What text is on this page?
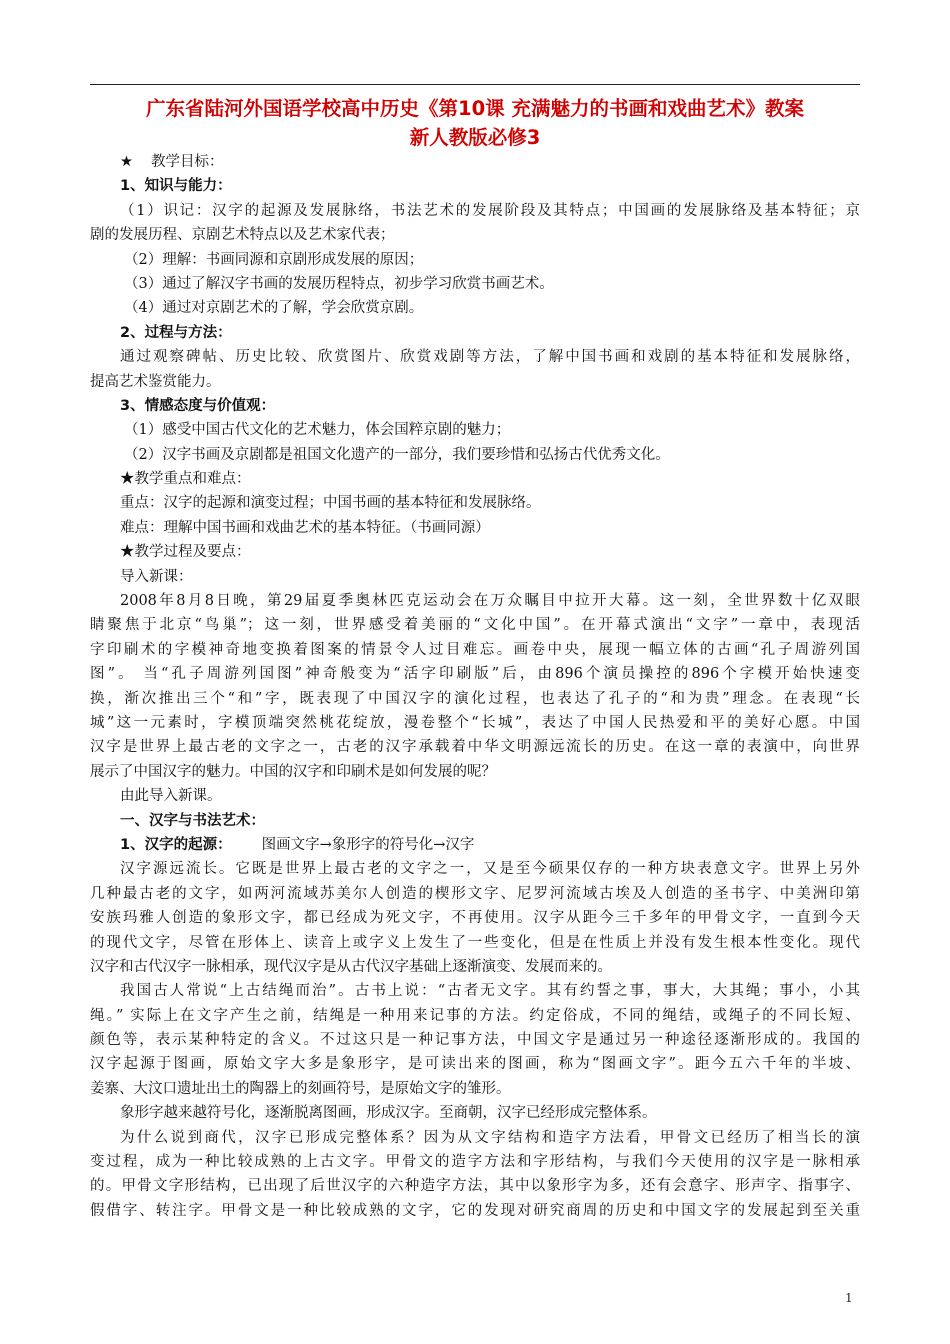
广东省陆河外国语学校高中历史《第10课 充满魅力的书画和戏曲艺术》教案
新人教版必修3

★ 教学目标：

1、知识与能力：

（1）识记：汉字的起源及发展脉络，书法艺术的发展阶段及其特点；中国画的发展脉络及基本特征；京

剧的发展历程、京剧艺术特点以及艺术家代表；

（2）理解：书画同源和京剧形成发展的原因；

（3）通过了解汉字书画的发展历程特点，初步学习欣赏书画艺术。

（4）通过对京剧艺术的了解，学会欣赏京剧。

2、过程与方法：

通过观察碑帖、历史比较、欣赏图片、欣赏戏剧等方法，了解中国书画和戏剧的基本特征和发展脉络，

提高艺术鉴赏能力。

3、情感态度与价值观：

（1）感受中国古代文化的艺术魅力，体会国粹京剧的魅力；

（2）汉字书画及京剧都是祖国文化遗产的一部分，我们要珍惜和弘扬古代优秀文化。

★教学重点和难点：

重点：汉字的起源和演变过程；中国书画的基本特征和发展脉络。

难点：理解中国书画和戏曲艺术的基本特征。（书画同源）

★教学过程及要点：

导入新课：

2008年8月8日晚，第29届夏季奥林匹克运动会在万众瞩目中拉开大幕。这一刻，全世界数十亿双眼

睛聚焦于北京“鸟巢”；这一刻，世界感受着美丽的“文化中国”。在开幕式演出“文字”一章中，表现活

字印刷术的字模神奇地变换着图案的情景令人过目难忘。画卷中央，展现一幅立体的古画“孔子周游列国

图”。 当“孔子周游列国图”神奇般变为“活字印刷版”后，由896个演员操控的896个字模开始快速变

换，渐次推出三个“和”字，既表现了中国汉字的演化过程，也表达了孔子的“和为贵”理念。在表现“长

城”这一元素时，字模顶端突然桃花绽放，漫卷整个“长城”，表达了中国人民热爱和平的美好心愿。中国

汉字是世界上最古老的文字之一，古老的汉字承载着中华文明源远流长的历史。在这一章的表演中，向世界

展示了中国汉字的魅力。中国的汉字和印刷术是如何发展的呢？

由此导入新课。

一、汉字与书法艺术：

1、汉字的起源： 图画文字→象形字的符号化→汉字

汉字源远流长。它既是世界上最古老的文字之一，又是至今硕果仅存的一种方块表意文字。世界上另外

几种最古老的文字，如两河流域苏美尔人创造的楔形文字、尼罗河流域古埃及人创造的圣书字、中美洲印第

安族玛雅人创造的象形文字，都已经成为死文字，不再使用。汉字从距今三千多年的甲骨文字，一直到今天

的现代文字，尽管在形体上、读音上或字义上发生了一些变化，但是在性质上并没有发生根本性变化。现代

汉字和古代汉字一脉相承，现代汉字是从古代汉字基础上逐渐演变、发展而来的。

我国古人常说“上古结绳而治”。古书上说：“古者无文字。其有约誓之事，事大，大其绳；事小，小其

绳。” 实际上在文字产生之前，结绳是一种用来记事的方法。约定俗成，不同的绳结，或绳子的不同长短、

颜色等，表示某种特定的含义。不过这只是一种记事方法，中国文字是通过另一种途径逐渐形成的。我国的

汉字起源于图画，原始文字大多是象形字，是可读出来的图画，称为“图画文字”。距今五六千年的半坡、

姜寨、大汶口遗址出土的陶器上的刻画符号，是原始文字的雏形。

象形字越来越符号化，逐渐脱离图画，形成汉字。至商朝，汉字已经形成完整体系。

为什么说到商代，汉字已形成完整体系？因为从文字结构和造字方法看，甲骨文已经历了相当长的演

变过程，成为一种比较成熟的上古文字。甲骨文的造字方法和字形结构，与我们今天使用的汉字是一脉相承

的。甲骨文字形结构，已出现了后世汉字的六种造字方法，其中以象形字为多，还有会意字、形声字、指事字、

假借字、转注字。甲骨文是一种比较成熟的文字，它的发现对研究商周的历史和中国文字的发展起到至关重

1
